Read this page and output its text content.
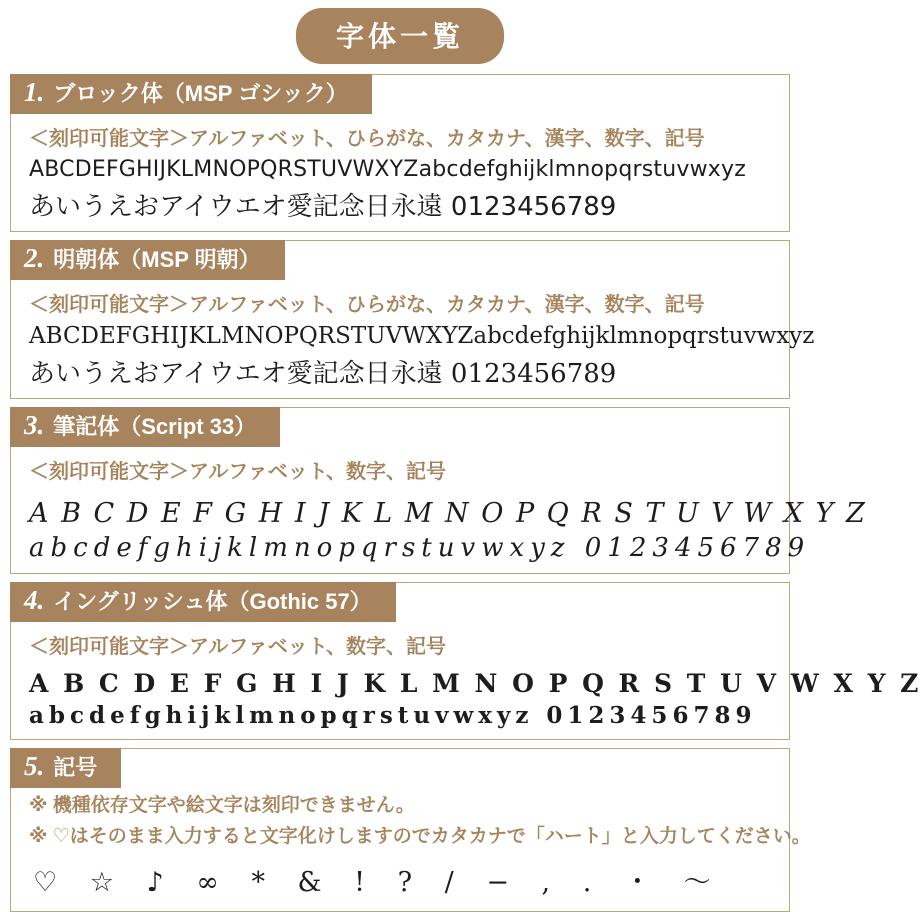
字体一覧
1. ブロック体（MSP ゴシック）
＜刻印可能文字＞アルファベット、ひらがな、カタカナ、漢字、数字、記号
ABCDEFGHIJKLMNOPQRSTUVWXYZabcdefghijklmnopqrstuvwxyz
あいうえおアイウエオ愛記念日永遠 0123456789
2. 明朝体（MSP 明朝）
＜刻印可能文字＞アルファベット、ひらがな、カタカナ、漢字、数字、記号
ABCDEFGHIJKLMNOPQRSTUVWXYZabcdefghijklmnopqrstuvwxyz
あいうえおアイウエオ愛記念日永遠 0123456789
3. 筆記体（Script 33）
＜刻印可能文字＞アルファベット、数字、記号
A B C D E F G H I J K L M N O P Q R S T U V W X Y Z
abcdefghijklmnopqrstuvwxyz 0123456789
4. イングリッシュ体（Gothic 57）
＜刻印可能文字＞アルファベット、数字、記号
A B C D E F G H I J K L M N O P Q R S T U V W X Y Z
abcdefghijklmnopqrstuvwxyz 0123456789
5. 記号
※ 機種依存文字や絵文字は刻印できません。
※ ♡はそのまま入力すると文字化けしますのでカタカナで「ハート」と入力してください。
♡ ☆ ♪ ∞ * & ! ? / − , . ・ ～
